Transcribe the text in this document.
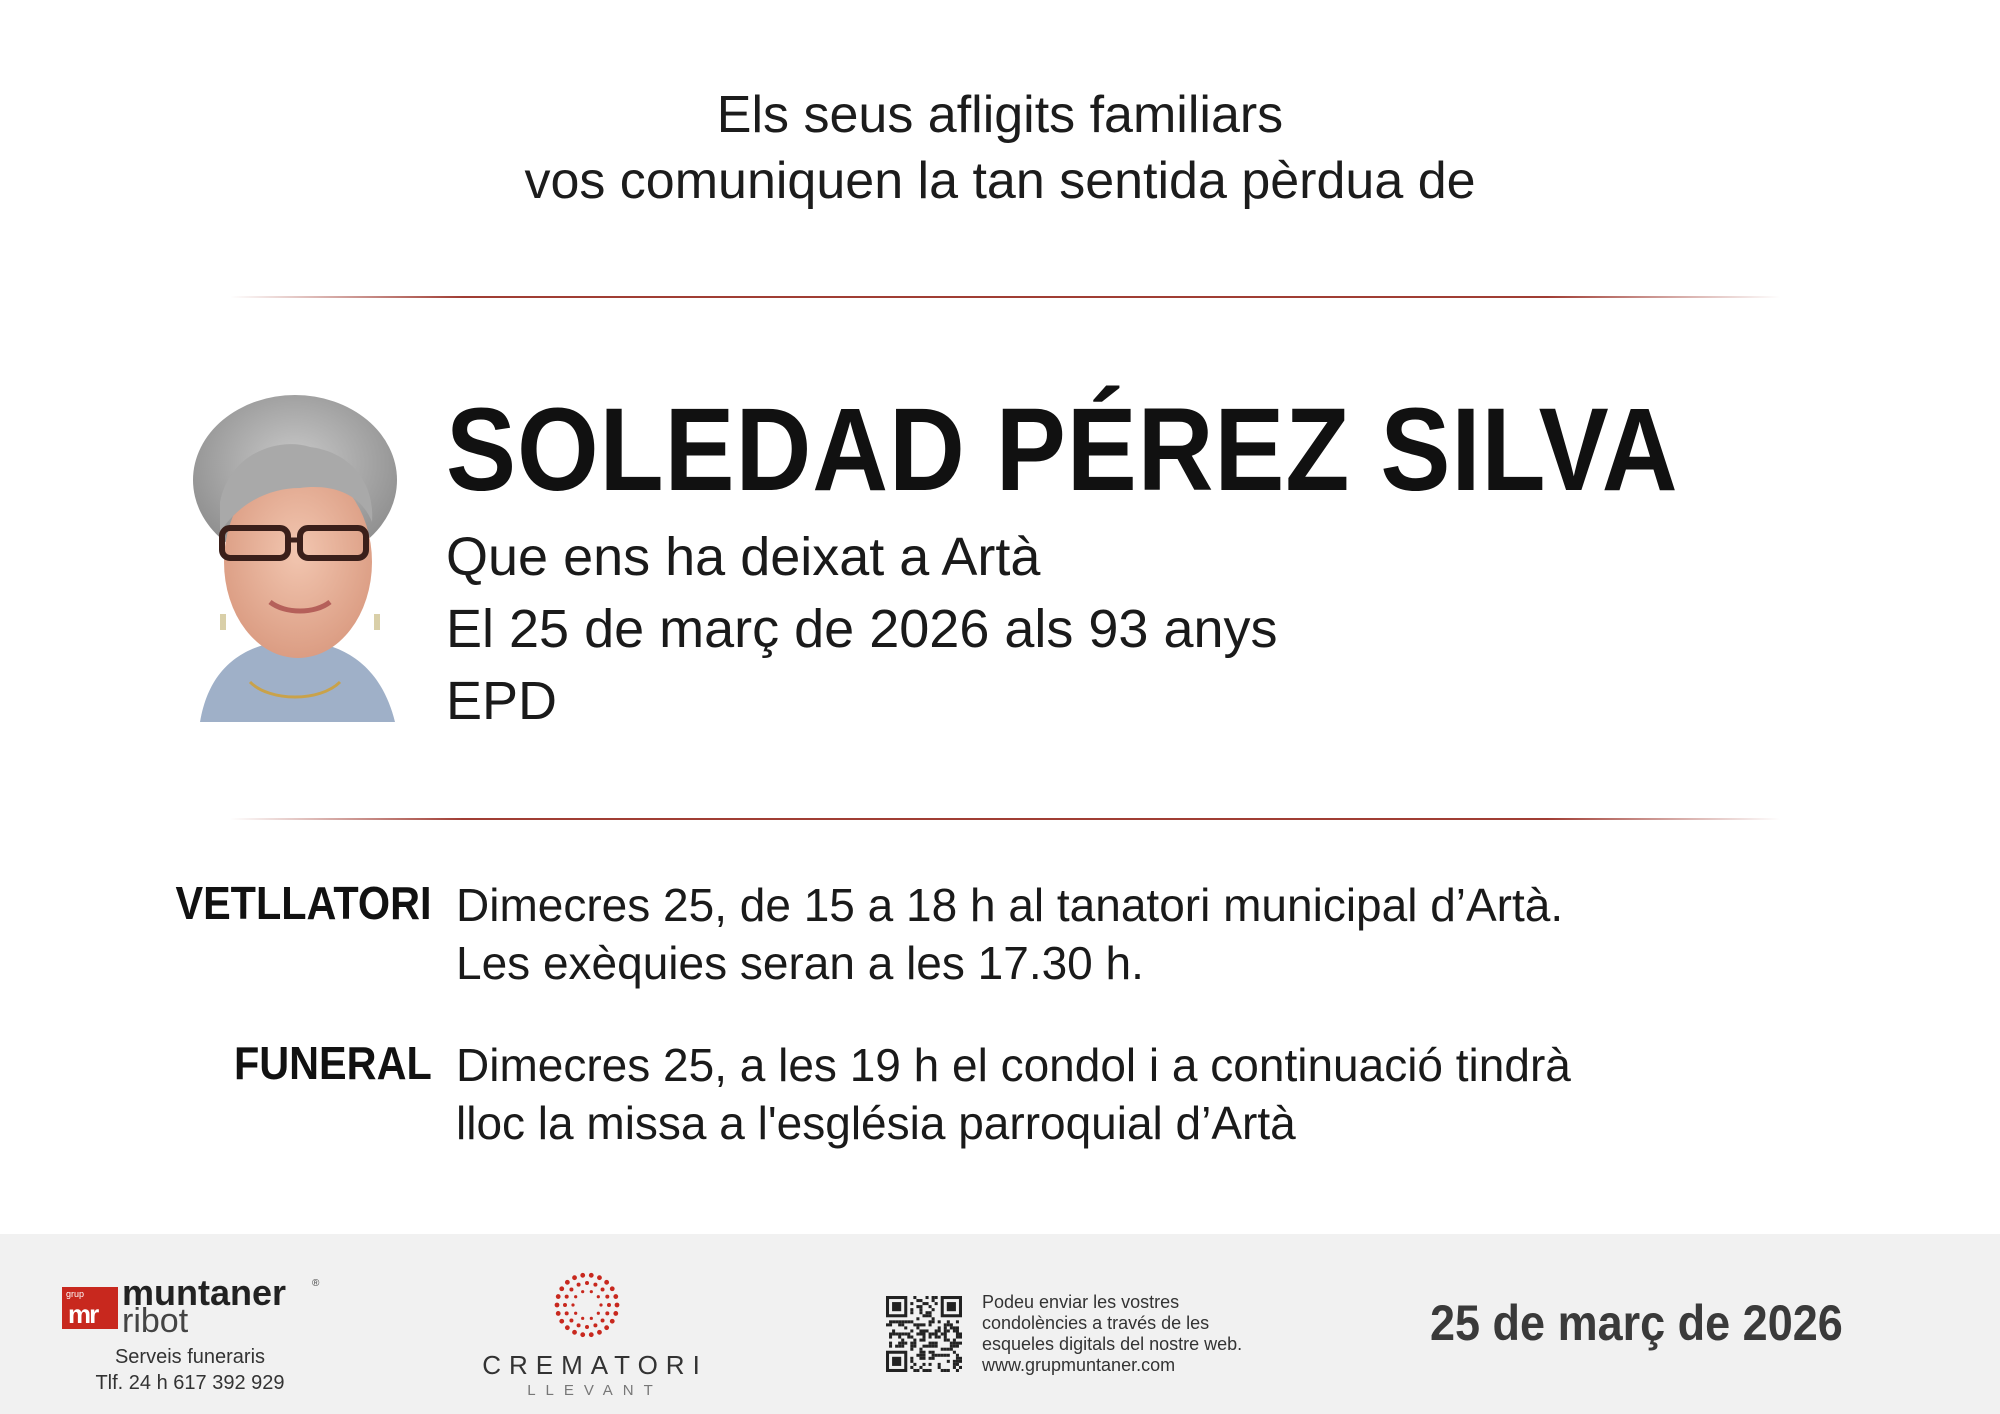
Els seus afligits familiars
vos comuniquen la tan sentida pèrdua de
SOLEDAD PÉREZ SILVA
Que ens ha deixat a Artà
El 25 de març de 2026 als 93 anys
EPD
VETLLATORI Dimecres 25, de 15 a 18 h al tanatori municipal d’Artà.
Les exèquies seran a les 17.30 h.
FUNERAL Dimecres 25, a les 19 h el condol i a continuació tindrà
lloc la missa a l'església parroquial d’Artà
grup
mr
muntaner
ribot
®
Serveis funeraris
Tlf. 24 h 617 392 929
CREMATORI
LLEVANT
Podeu enviar les vostres
condolències a través de les
esqueles digitals del nostre web.
www.grupmuntaner.com
25 de març de 2026
